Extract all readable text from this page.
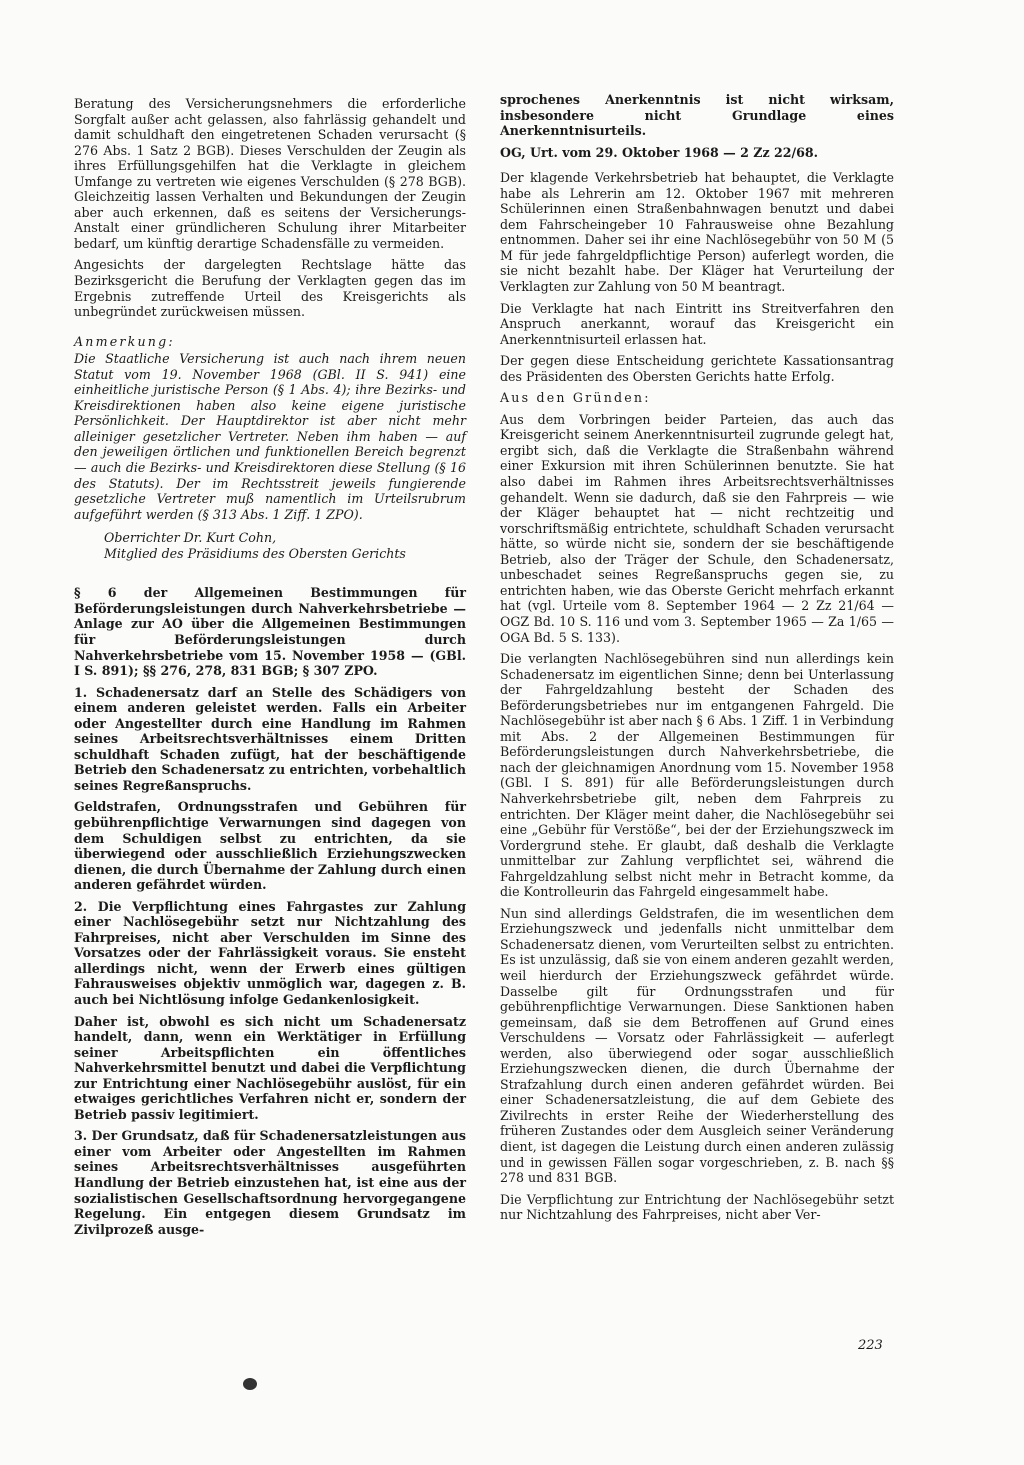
Beratung des Versicherungsnehmers die erforderliche Sorgfalt außer acht gelassen, also fahrlässig gehandelt und damit schuldhaft den eingetretenen Schaden verursacht (§ 276 Abs. 1 Satz 2 BGB). Dieses Verschulden der Zeugin als ihres Erfüllungsgehilfen hat die Verklagte in gleichem Umfange zu vertreten wie eigenes Verschulden (§ 278 BGB). Gleichzeitig lassen Verhalten und Bekundungen der Zeugin aber auch erkennen, daß es seitens der Versicherungs-Anstalt einer gründlicheren Schulung ihrer Mitarbeiter bedarf, um künftig derartige Schadensfälle zu vermeiden.

Angesichts der dargelegten Rechtslage hätte das Bezirksgericht die Berufung der Verklagten gegen das im Ergebnis zutreffende Urteil des Kreisgerichts als unbegründet zurückweisen müssen.

Anmerkung:

Die Staatliche Versicherung ist auch nach ihrem neuen Statut vom 19. November 1968 (GBl. II S. 941) eine einheitliche juristische Person (§ 1 Abs. 4); ihre Bezirks- und Kreisdirektionen haben also keine eigene juristische Persönlichkeit. Der Hauptdirektor ist aber nicht mehr alleiniger gesetzlicher Vertreter. Neben ihm haben — auf den jeweiligen örtlichen und funktionellen Bereich begrenzt — auch die Bezirks- und Kreisdirektoren diese Stellung (§ 16 des Statuts). Der im Rechtsstreit jeweils fungierende gesetzliche Vertreter muß namentlich im Urteilsrubrum aufgeführt werden (§ 313 Abs. 1 Ziff. 1 ZPO).

Oberrichter Dr. Kurt Cohn,

Mitglied des Präsidiums des Obersten Gerichts

§ 6 der Allgemeinen Bestimmungen für Beförderungsleistungen durch Nahverkehrsbetriebe — Anlage zur AO über die Allgemeinen Bestimmungen für Beförderungsleistungen durch Nahverkehrsbetriebe vom 15. November 1958 — (GBl. I S. 891); §§ 276, 278, 831 BGB; § 307 ZPO.

1. Schadenersatz darf an Stelle des Schädigers von einem anderen geleistet werden. Falls ein Arbeiter oder Angestellter durch eine Handlung im Rahmen seines Arbeitsrechtsverhältnisses einem Dritten schuldhaft Schaden zufügt, hat der beschäftigende Betrieb den Schadenersatz zu entrichten, vorbehaltlich seines Regreßanspruchs.

Geldstrafen, Ordnungsstrafen und Gebühren für gebührenpflichtige Verwarnungen sind dagegen von dem Schuldigen selbst zu entrichten, da sie überwiegend oder ausschließlich Erziehungszwecken dienen, die durch Übernahme der Zahlung durch einen anderen gefährdet würden.

2. Die Verpflichtung eines Fahrgastes zur Zahlung einer Nachlösegebühr setzt nur Nichtzahlung des Fahrpreises, nicht aber Verschulden im Sinne des Vorsatzes oder der Fahrlässigkeit voraus. Sie ensteht allerdings nicht, wenn der Erwerb eines gültigen Fahrausweises objektiv unmöglich war, dagegen z. B. auch bei Nichtlösung infolge Gedankenlosigkeit.

Daher ist, obwohl es sich nicht um Schadenersatz handelt, dann, wenn ein Werktätiger in Erfüllung seiner Arbeitspflichten ein öffentliches Nahverkehrsmittel benutzt und dabei die Verpflichtung zur Entrichtung einer Nachlösegebühr auslöst, für ein etwaiges gerichtliches Verfahren nicht er, sondern der Betrieb passiv legitimiert.

3. Der Grundsatz, daß für Schadenersatzleistungen aus einer vom Arbeiter oder Angestellten im Rahmen seines Arbeitsrechtsverhältnisses ausgeführten Handlung der Betrieb einzustehen hat, ist eine aus der sozialistischen Gesellschaftsordnung hervorgegangene Regelung. Ein entgegen diesem Grundsatz im Zivilprozeß ausge-

sprochenes Anerkenntnis ist nicht wirksam, insbesondere nicht Grundlage eines Anerkenntnisurteils.

OG, Urt. vom 29. Oktober 1968 — 2 Zz 22/68.

Der klagende Verkehrsbetrieb hat behauptet, die Verklagte habe als Lehrerin am 12. Oktober 1967 mit mehreren Schülerinnen einen Straßenbahnwagen benutzt und dabei dem Fahrscheingeber 10 Fahrausweise ohne Bezahlung entnommen. Daher sei ihr eine Nachlösegebühr von 50 M (5 M für jede fahrgeldpflichtige Person) auferlegt worden, die sie nicht bezahlt habe. Der Kläger hat Verurteilung der Verklagten zur Zahlung von 50 M beantragt.

Die Verklagte hat nach Eintritt ins Streitverfahren den Anspruch anerkannt, worauf das Kreisgericht ein Anerkenntnisurteil erlassen hat.

Der gegen diese Entscheidung gerichtete Kassationsantrag des Präsidenten des Obersten Gerichts hatte Erfolg.

Aus den Gründen:

Aus dem Vorbringen beider Parteien, das auch das Kreisgericht seinem Anerkenntnisurteil zugrunde gelegt hat, ergibt sich, daß die Verklagte die Straßenbahn während einer Exkursion mit ihren Schülerinnen benutzte. Sie hat also dabei im Rahmen ihres Arbeitsrechtsverhältnisses gehandelt. Wenn sie dadurch, daß sie den Fahrpreis — wie der Kläger behauptet hat — nicht rechtzeitig und vorschriftsmäßig entrichtete, schuldhaft Schaden verursacht hätte, so würde nicht sie, sondern der sie beschäftigende Betrieb, also der Träger der Schule, den Schadenersatz, unbeschadet seines Regreßanspruchs gegen sie, zu entrichten haben, wie das Oberste Gericht mehrfach erkannt hat (vgl. Urteile vom 8. September 1964 — 2 Zz 21/64 — OGZ Bd. 10 S. 116 und vom 3. September 1965 — Za 1/65 — OGA Bd. 5 S. 133).

Die verlangten Nachlösegebühren sind nun allerdings kein Schadenersatz im eigentlichen Sinne; denn bei Unterlassung der Fahrgeldzahlung besteht der Schaden des Beförderungsbetriebes nur im entgangenen Fahrgeld. Die Nachlösegebühr ist aber nach § 6 Abs. 1 Ziff. 1 in Verbindung mit Abs. 2 der Allgemeinen Bestimmungen für Beförderungsleistungen durch Nahverkehrsbetriebe, die nach der gleichnamigen Anordnung vom 15. November 1958 (GBl. I S. 891) für alle Beförderungsleistungen durch Nahverkehrsbetriebe gilt, neben dem Fahrpreis zu entrichten. Der Kläger meint daher, die Nachlösegebühr sei eine „Gebühr für Verstöße“, bei der der Erziehungszweck im Vordergrund stehe. Er glaubt, daß deshalb die Verklagte unmittelbar zur Zahlung verpflichtet sei, während die Fahrgeldzahlung selbst nicht mehr in Betracht komme, da die Kontrolleurin das Fahrgeld eingesammelt habe.

Nun sind allerdings Geldstrafen, die im wesentlichen dem Erziehungszweck und jedenfalls nicht unmittelbar dem Schadenersatz dienen, vom Verurteilten selbst zu entrichten. Es ist unzulässig, daß sie von einem anderen gezahlt werden, weil hierdurch der Erziehungszweck gefährdet würde. Dasselbe gilt für Ordnungsstrafen und für gebührenpflichtige Verwarnungen. Diese Sanktionen haben gemeinsam, daß sie dem Betroffenen auf Grund eines Verschuldens — Vorsatz oder Fahrlässigkeit — auferlegt werden, also überwiegend oder sogar ausschließlich Erziehungszwecken dienen, die durch Übernahme der Strafzahlung durch einen anderen gefährdet würden. Bei einer Schadenersatzleistung, die auf dem Gebiete des Zivilrechts in erster Reihe der Wiederherstellung des früheren Zustandes oder dem Ausgleich seiner Veränderung dient, ist dagegen die Leistung durch einen anderen zulässig und in gewissen Fällen sogar vorgeschrieben, z. B. nach §§ 278 und 831 BGB.

Die Verpflichtung zur Entrichtung der Nachlösegebühr setzt nur Nichtzahlung des Fahrpreises, nicht aber Ver-

223
